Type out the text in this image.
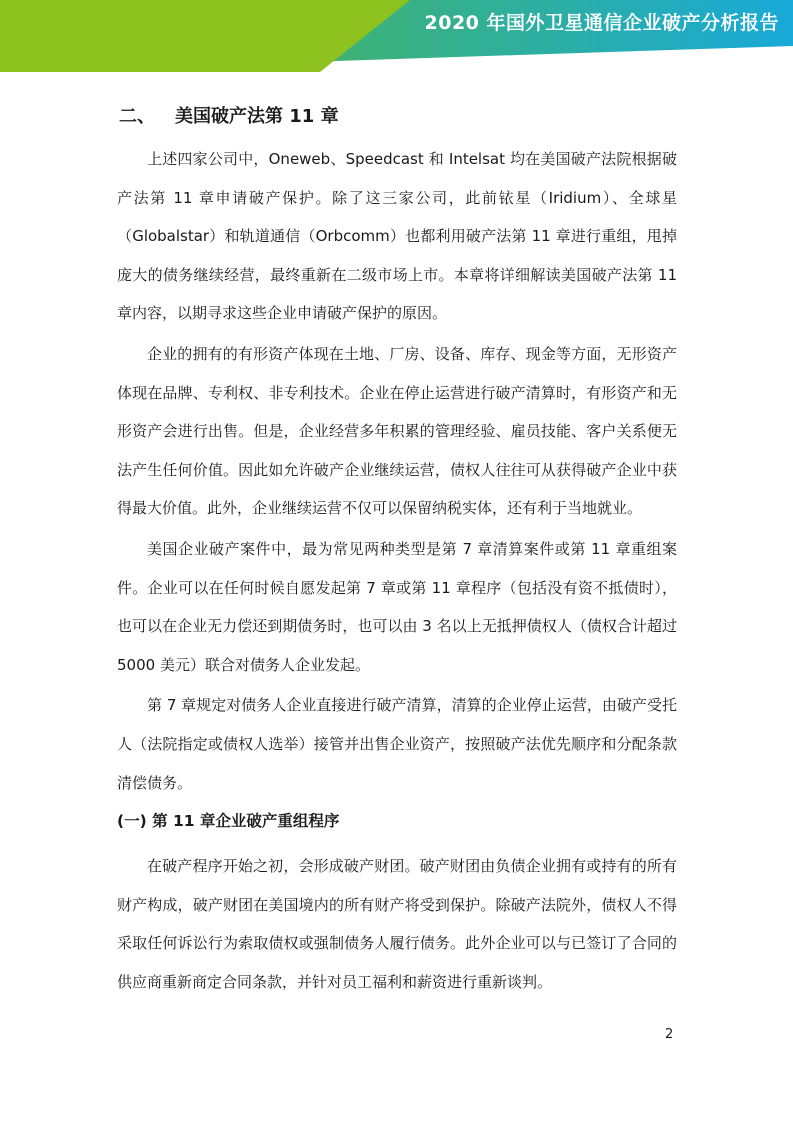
2020 年国外卫星通信企业破产分析报告
二、 美国破产法第 11 章

上述四家公司中，Oneweb、Speedcast 和 Intelsat 均在美国破产法院根据破产法第 11 章申请破产保护。除了这三家公司，此前铱星（Iridium）、全球星（Globalstar）和轨道通信（Orbcomm）也都利用破产法第 11 章进行重组，甩掉庞大的债务继续经营，最终重新在二级市场上市。本章将详细解读美国破产法第 11 章内容，以期寻求这些企业申请破产保护的原因。

企业的拥有的有形资产体现在土地、厂房、设备、库存、现金等方面，无形资产体现在品牌、专利权、非专利技术。企业在停止运营进行破产清算时，有形资产和无形资产会进行出售。但是，企业经营多年积累的管理经验、雇员技能、客户关系便无法产生任何价值。因此如允许破产企业继续运营，债权人往往可从获得破产企业中获得最大价值。此外，企业继续运营不仅可以保留纳税实体，还有利于当地就业。

美国企业破产案件中，最为常见两种类型是第 7 章清算案件或第 11 章重组案件。企业可以在任何时候自愿发起第 7 章或第 11 章程序（包括没有资不抵债时），也可以在企业无力偿还到期债务时，也可以由 3 名以上无抵押债权人（债权合计超过 5000 美元）联合对债务人企业发起。

第 7 章规定对债务人企业直接进行破产清算，清算的企业停止运营，由破产受托人（法院指定或债权人选举）接管并出售企业资产，按照破产法优先顺序和分配条款清偿债务。

(一) 第 11 章企业破产重组程序

在破产程序开始之初，会形成破产财团。破产财团由负债企业拥有或持有的所有财产构成，破产财团在美国境内的所有财产将受到保护。除破产法院外，债权人不得采取任何诉讼行为索取债权或强制债务人履行债务。此外企业可以与已签订了合同的供应商重新商定合同条款，并针对员工福利和薪资进行重新谈判。

2
